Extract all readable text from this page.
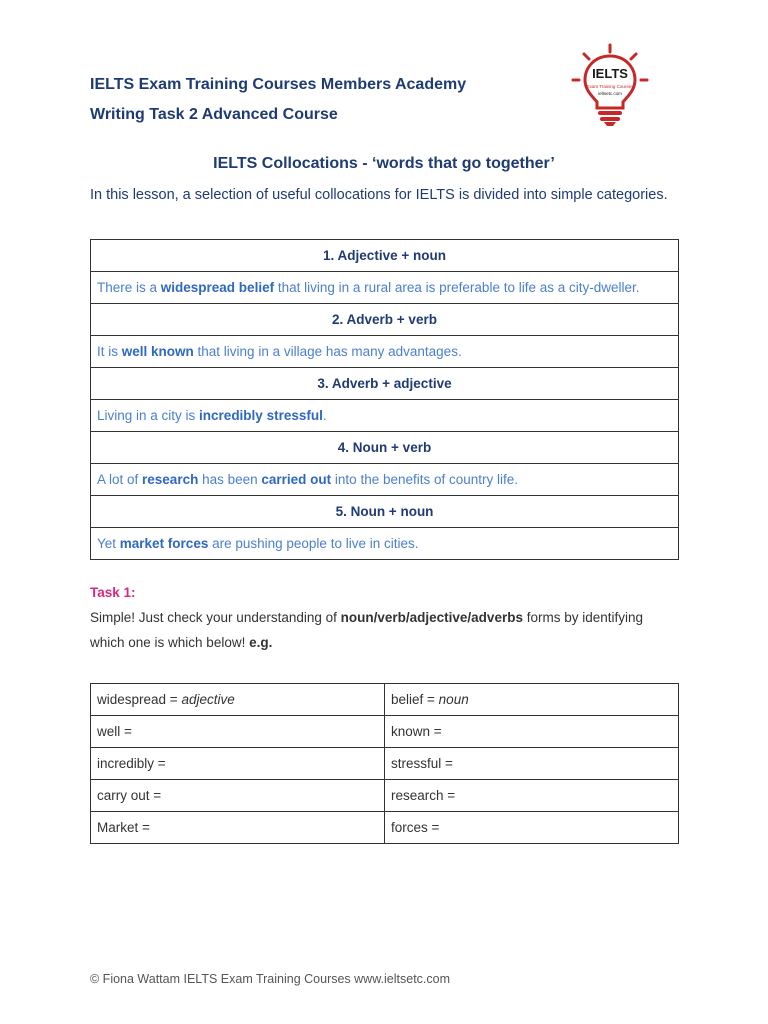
IELTS Exam Training Courses Members Academy
Writing Task 2 Advanced Course
IELTS
Exam Training Courses
ieltsetc.com
IELTS Collocations - ‘words that go together’
In this lesson, a selection of useful collocations for IELTS is divided into simple categories.
1. Adjective + noun
There is a widespread belief that living in a rural area is preferable to life as a city-dweller.
2. Adverb + verb
It is well known that living in a village has many advantages.
3. Adverb + adjective
Living in a city is incredibly stressful.
4. Noun + verb
A lot of research has been carried out into the benefits of country life.
5. Noun + noun
Yet market forces are pushing people to live in cities.
Task 1:
Simple! Just check your understanding of noun/verb/adjective/adverbs forms by identifying which one is which below! e.g.
widespread = adjective	belief = noun
well =	known =
incredibly =	stressful =
carry out =	research =
Market =	forces =
© Fiona Wattam IELTS Exam Training Courses www.ieltsetc.com
